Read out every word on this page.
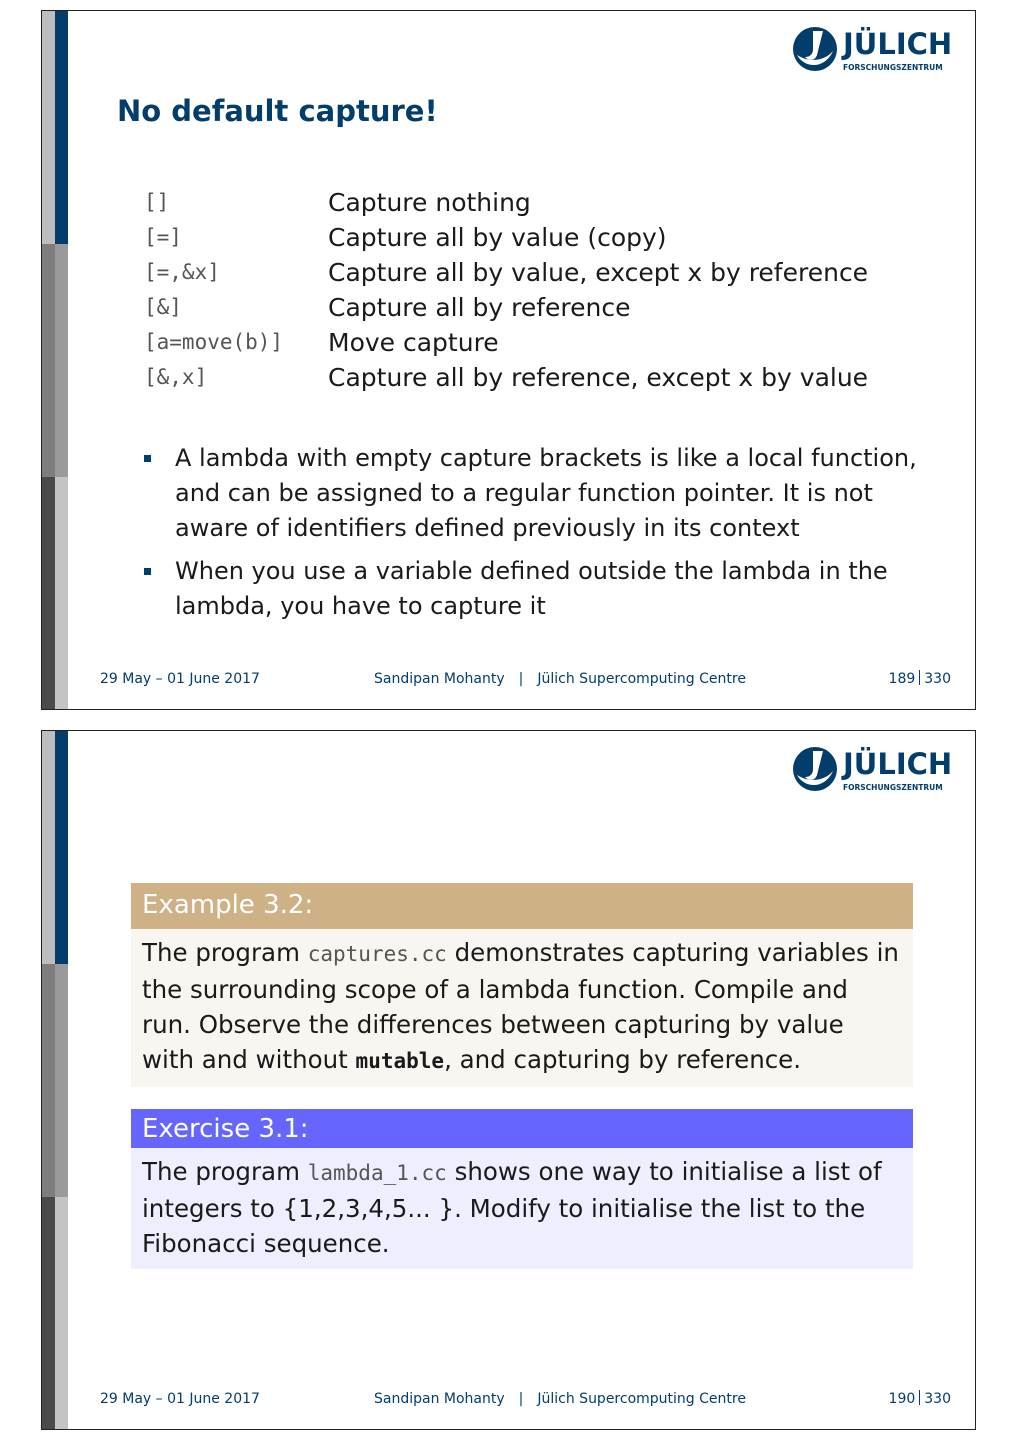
JÜLICH
FORSCHUNGSZENTRUM
No default capture!
[]	Capture nothing
[=]	Capture all by value (copy)
[=,&x]	Capture all by value, except x by reference
[&]	Capture all by reference
[a=move(b)]	Move capture
[&,x]	Capture all by reference, except x by value
A lambda with empty capture brackets is like a local function, and can be assigned to a regular function pointer. It is not aware of identifiers defined previously in its context
When you use a variable defined outside the lambda in the lambda, you have to capture it
29 May – 01 June 2017	Sandipan Mohanty | Jülich Supercomputing Centre	189 330
JÜLICH
FORSCHUNGSZENTRUM
Example 3.2:
The program captures.cc demonstrates capturing variables in the surrounding scope of a lambda function. Compile and run. Observe the differences between capturing by value with and without mutable, and capturing by reference.
Exercise 3.1:
The program lambda_1.cc shows one way to initialise a list of integers to {1,2,3,4,5... }. Modify to initialise the list to the Fibonacci sequence.
29 May – 01 June 2017	Sandipan Mohanty | Jülich Supercomputing Centre	190 330
